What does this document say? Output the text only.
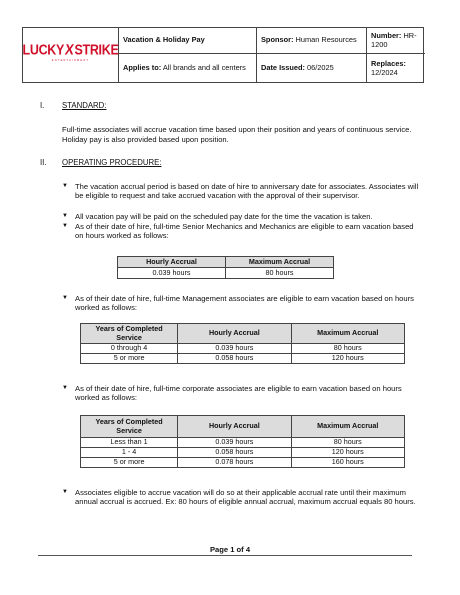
LUCKY X STRIKE
ENTERTAINMENT
Vacation & Holiday Pay	Sponsor: Human Resources Number: HR-1200
Applies to: All brands and all centers Date Issued: 06/2025	Replaces: 12/2024
I.	STANDARD:
Full-time associates will accrue vacation time based upon their position and years of continuous service. Holiday pay is also provided based upon position.
II.	OPERATING PROCEDURE:
▼ The vacation accrual period is based on date of hire to anniversary date for associates. Associates will be eligible to request and take accrued vacation with the approval of their supervisor.
▼ All vacation pay will be paid on the scheduled pay date for the time the vacation is taken.
▼ As of their date of hire, full-time Senior Mechanics and Mechanics are eligible to earn vacation based on hours worked as follows:
Hourly Accrual	Maximum Accrual
0.039 hours	80 hours
▼ As of their date of hire, full-time Management associates are eligible to earn vacation based on hours worked as follows:
Years of Completed Service	Hourly Accrual	Maximum Accrual
0 through 4	0.039 hours	80 hours
5 or more	0.058 hours	120 hours
▼ As of their date of hire, full-time corporate associates are eligible to earn vacation based on hours worked as follows:
Years of Completed Service	Hourly Accrual	Maximum Accrual
Less than 1	0.039 hours	80 hours
1 - 4	0.058 hours	120 hours
5 or more	0.078 hours	160 hours
▼ Associates eligible to accrue vacation will do so at their applicable accrual rate until their maximum annual accrual is accrued. Ex: 80 hours of eligible annual accrual, maximum accrual equals 80 hours.
Page 1 of 4
